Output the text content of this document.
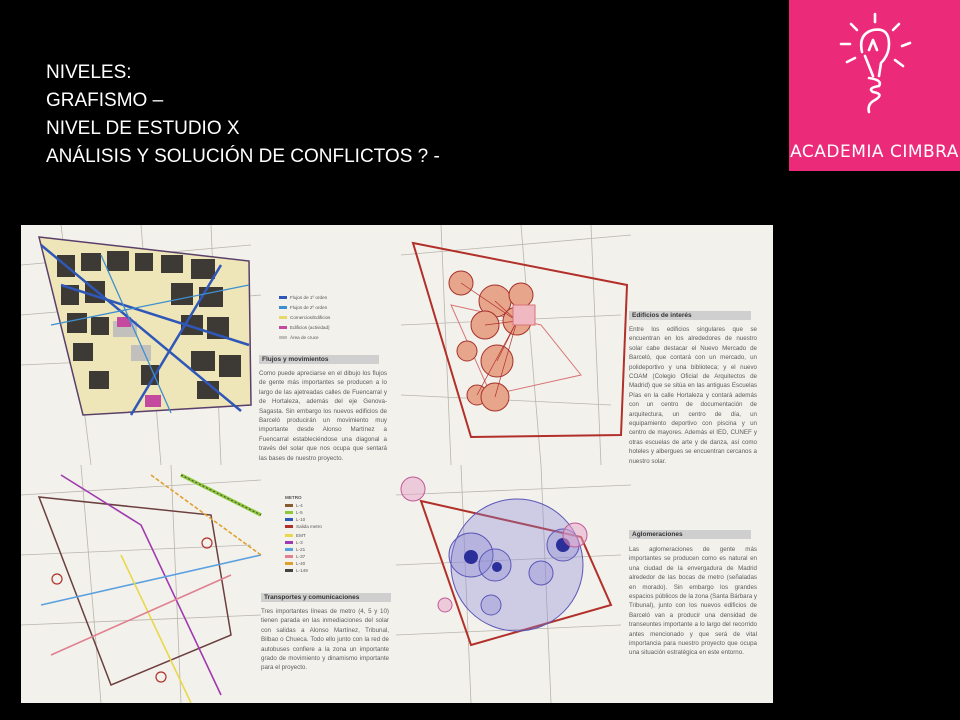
NIVELES:
GRAFISMO –
NIVEL DE ESTUDIO X
ANÁLISIS Y SOLUCIÓN DE CONFLICTOS ? -	ACADEMIA CIMBRA
Flujos de 1º orden
Flujos de 2º orden
Comercios/Edificios
Edificios (actividad)
Área de cruce
Flujos y movimientos
Como puede apreciarse en el dibujo los flujos de gente más importantes se producen a lo largo de las ajetreadas calles de Fuencarral y de Hortaleza, además del eje Genova-Sagasta. Sin embargo los nuevos edificios de Barceló producirán un movimiento muy importante desde Alonso Martínez a Fuencarral estableciéndose una diagonal a través del solar que nos ocupa que sentará las bases de nuestro proyecto.
Edificios de interés
Entre los edificios singulares que se encuentran en los alrededores de nuestro solar cabe destacar el Nuevo Mercado de Barceló, que contará con un mercado, un polideportivo y una biblioteca; y el nuevo COAM (Colegio Oficial de Arquitectos de Madrid) que se sitúa en las antiguas Escuelas Pías en la calle Hortaleza y contará además con un centro de documentación de arquitectura, un centro de día, un equipamiento deportivo con piscina y un centro de mayores. Además el IED, CUNEF y otras escuelas de arte y de danza, así como hoteles y albergues se encuentran cercanos a nuestro solar.
METRO
L-4
L-5
L-10
Salida metro
EMT
L-3
L-21
L-37
L-40
L-149
Transportes y comunicaciones
Tres importantes líneas de metro (4, 5 y 10) tienen parada en las inmediaciones del solar con salidas a Alonso Martínez, Tribunal, Bilbao o Chueca. Todo ello junto con la red de autobuses confiere a la zona un importante grado de movimiento y dinamismo importante para el proyecto.
Aglomeraciones
Las aglomeraciones de gente más importantes se producen como es natural en una ciudad de la envergadura de Madrid alrededor de las bocas de metro (señaladas en morado). Sin embargo los grandes espacios públicos de la zona (Santa Bárbara y Tribunal), junto con los nuevos edificios de Barceló van a producir una densidad de transeuntes importante a lo largo del recorrido antes mencionado y que será de vital importancia para nuestro proyecto que ocupa una situación estratégica en este entorno.
